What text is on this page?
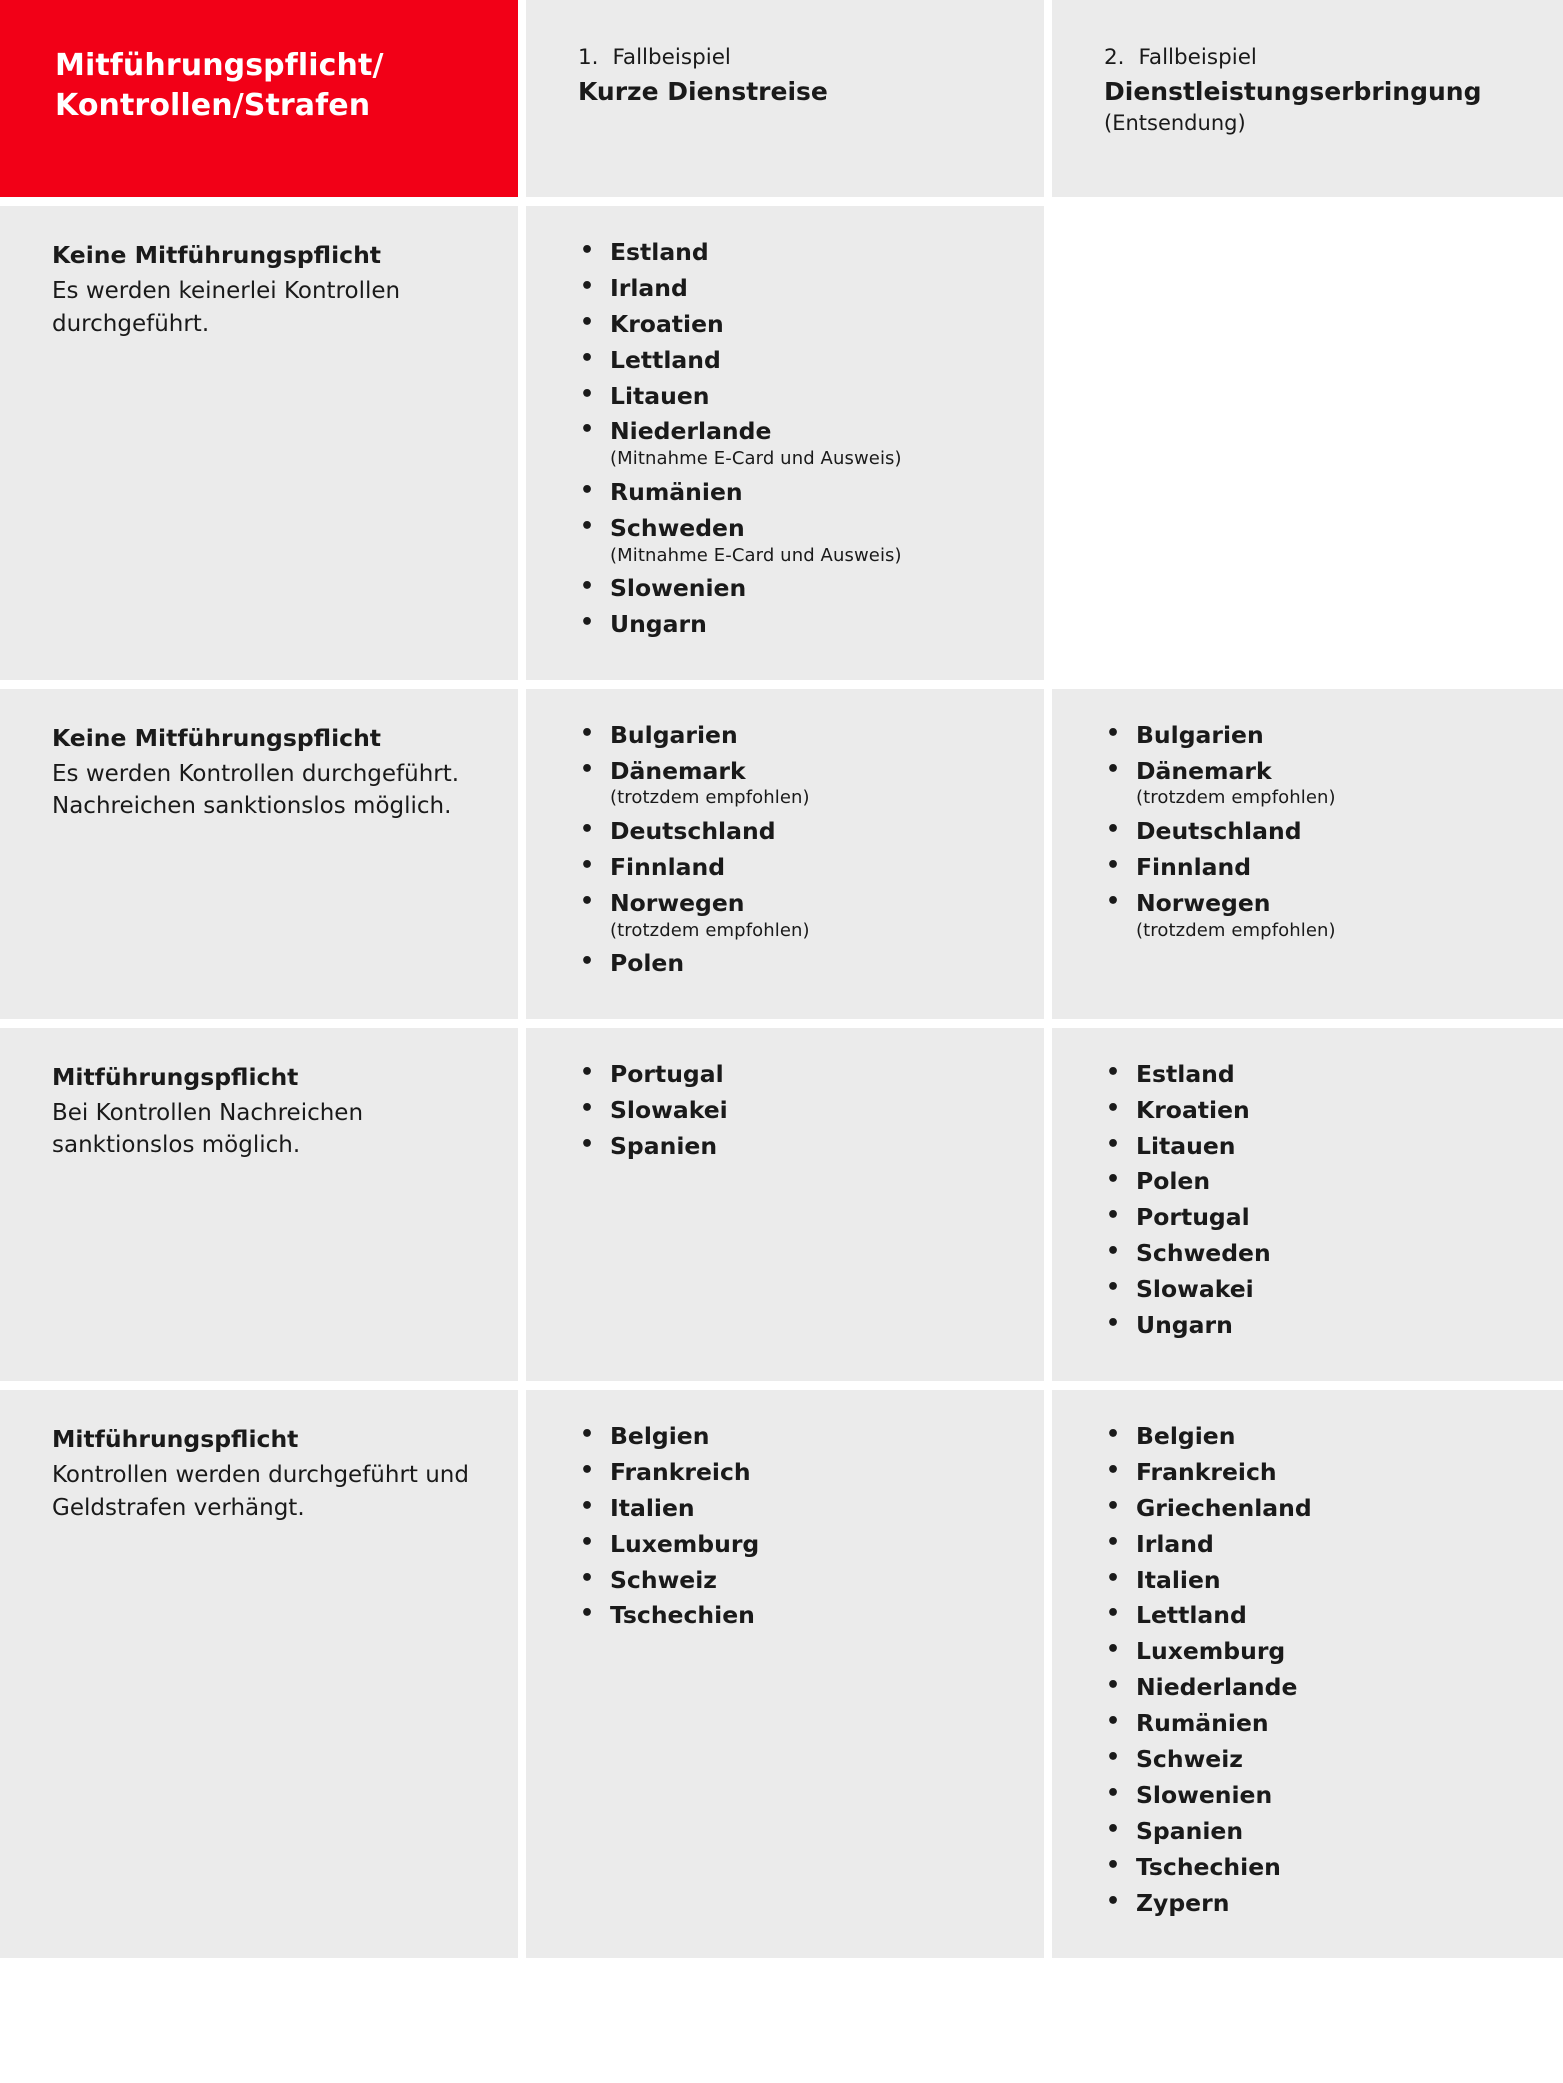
Mitführungspflicht/
Kontrollen/Strafen
1. Fallbeispiel
Kurze Dienstreise
2. Fallbeispiel
Dienstleistungserbringung
(Entsendung)
Keine Mitführungspflicht
Es werden keinerlei Kontrollen durchgeführt.
• Estland
• Irland
• Kroatien
• Lettland
• Litauen
• Niederlande
(Mitnahme E-Card und Ausweis)
• Rumänien
• Schweden
(Mitnahme E-Card und Ausweis)
• Slowenien
• Ungarn
Keine Mitführungspflicht
Es werden Kontrollen durchgeführt. Nachreichen sanktionslos möglich.
• Bulgarien
• Dänemark
(trotzdem empfohlen)
• Deutschland
• Finnland
• Norwegen
(trotzdem empfohlen)
• Polen
• Bulgarien
• Dänemark
(trotzdem empfohlen)
• Deutschland
• Finnland
• Norwegen
(trotzdem empfohlen)
Mitführungspflicht
Bei Kontrollen Nachreichen sanktionslos möglich.
• Portugal
• Slowakei
• Spanien
• Estland
• Kroatien
• Litauen
• Polen
• Portugal
• Schweden
• Slowakei
• Ungarn
Mitführungspflicht
Kontrollen werden durchgeführt und Geldstrafen verhängt.
• Belgien
• Frankreich
• Italien
• Luxemburg
• Schweiz
• Tschechien
• Belgien
• Frankreich
• Griechenland
• Irland
• Italien
• Lettland
• Luxemburg
• Niederlande
• Rumänien
• Schweiz
• Slowenien
• Spanien
• Tschechien
• Zypern
